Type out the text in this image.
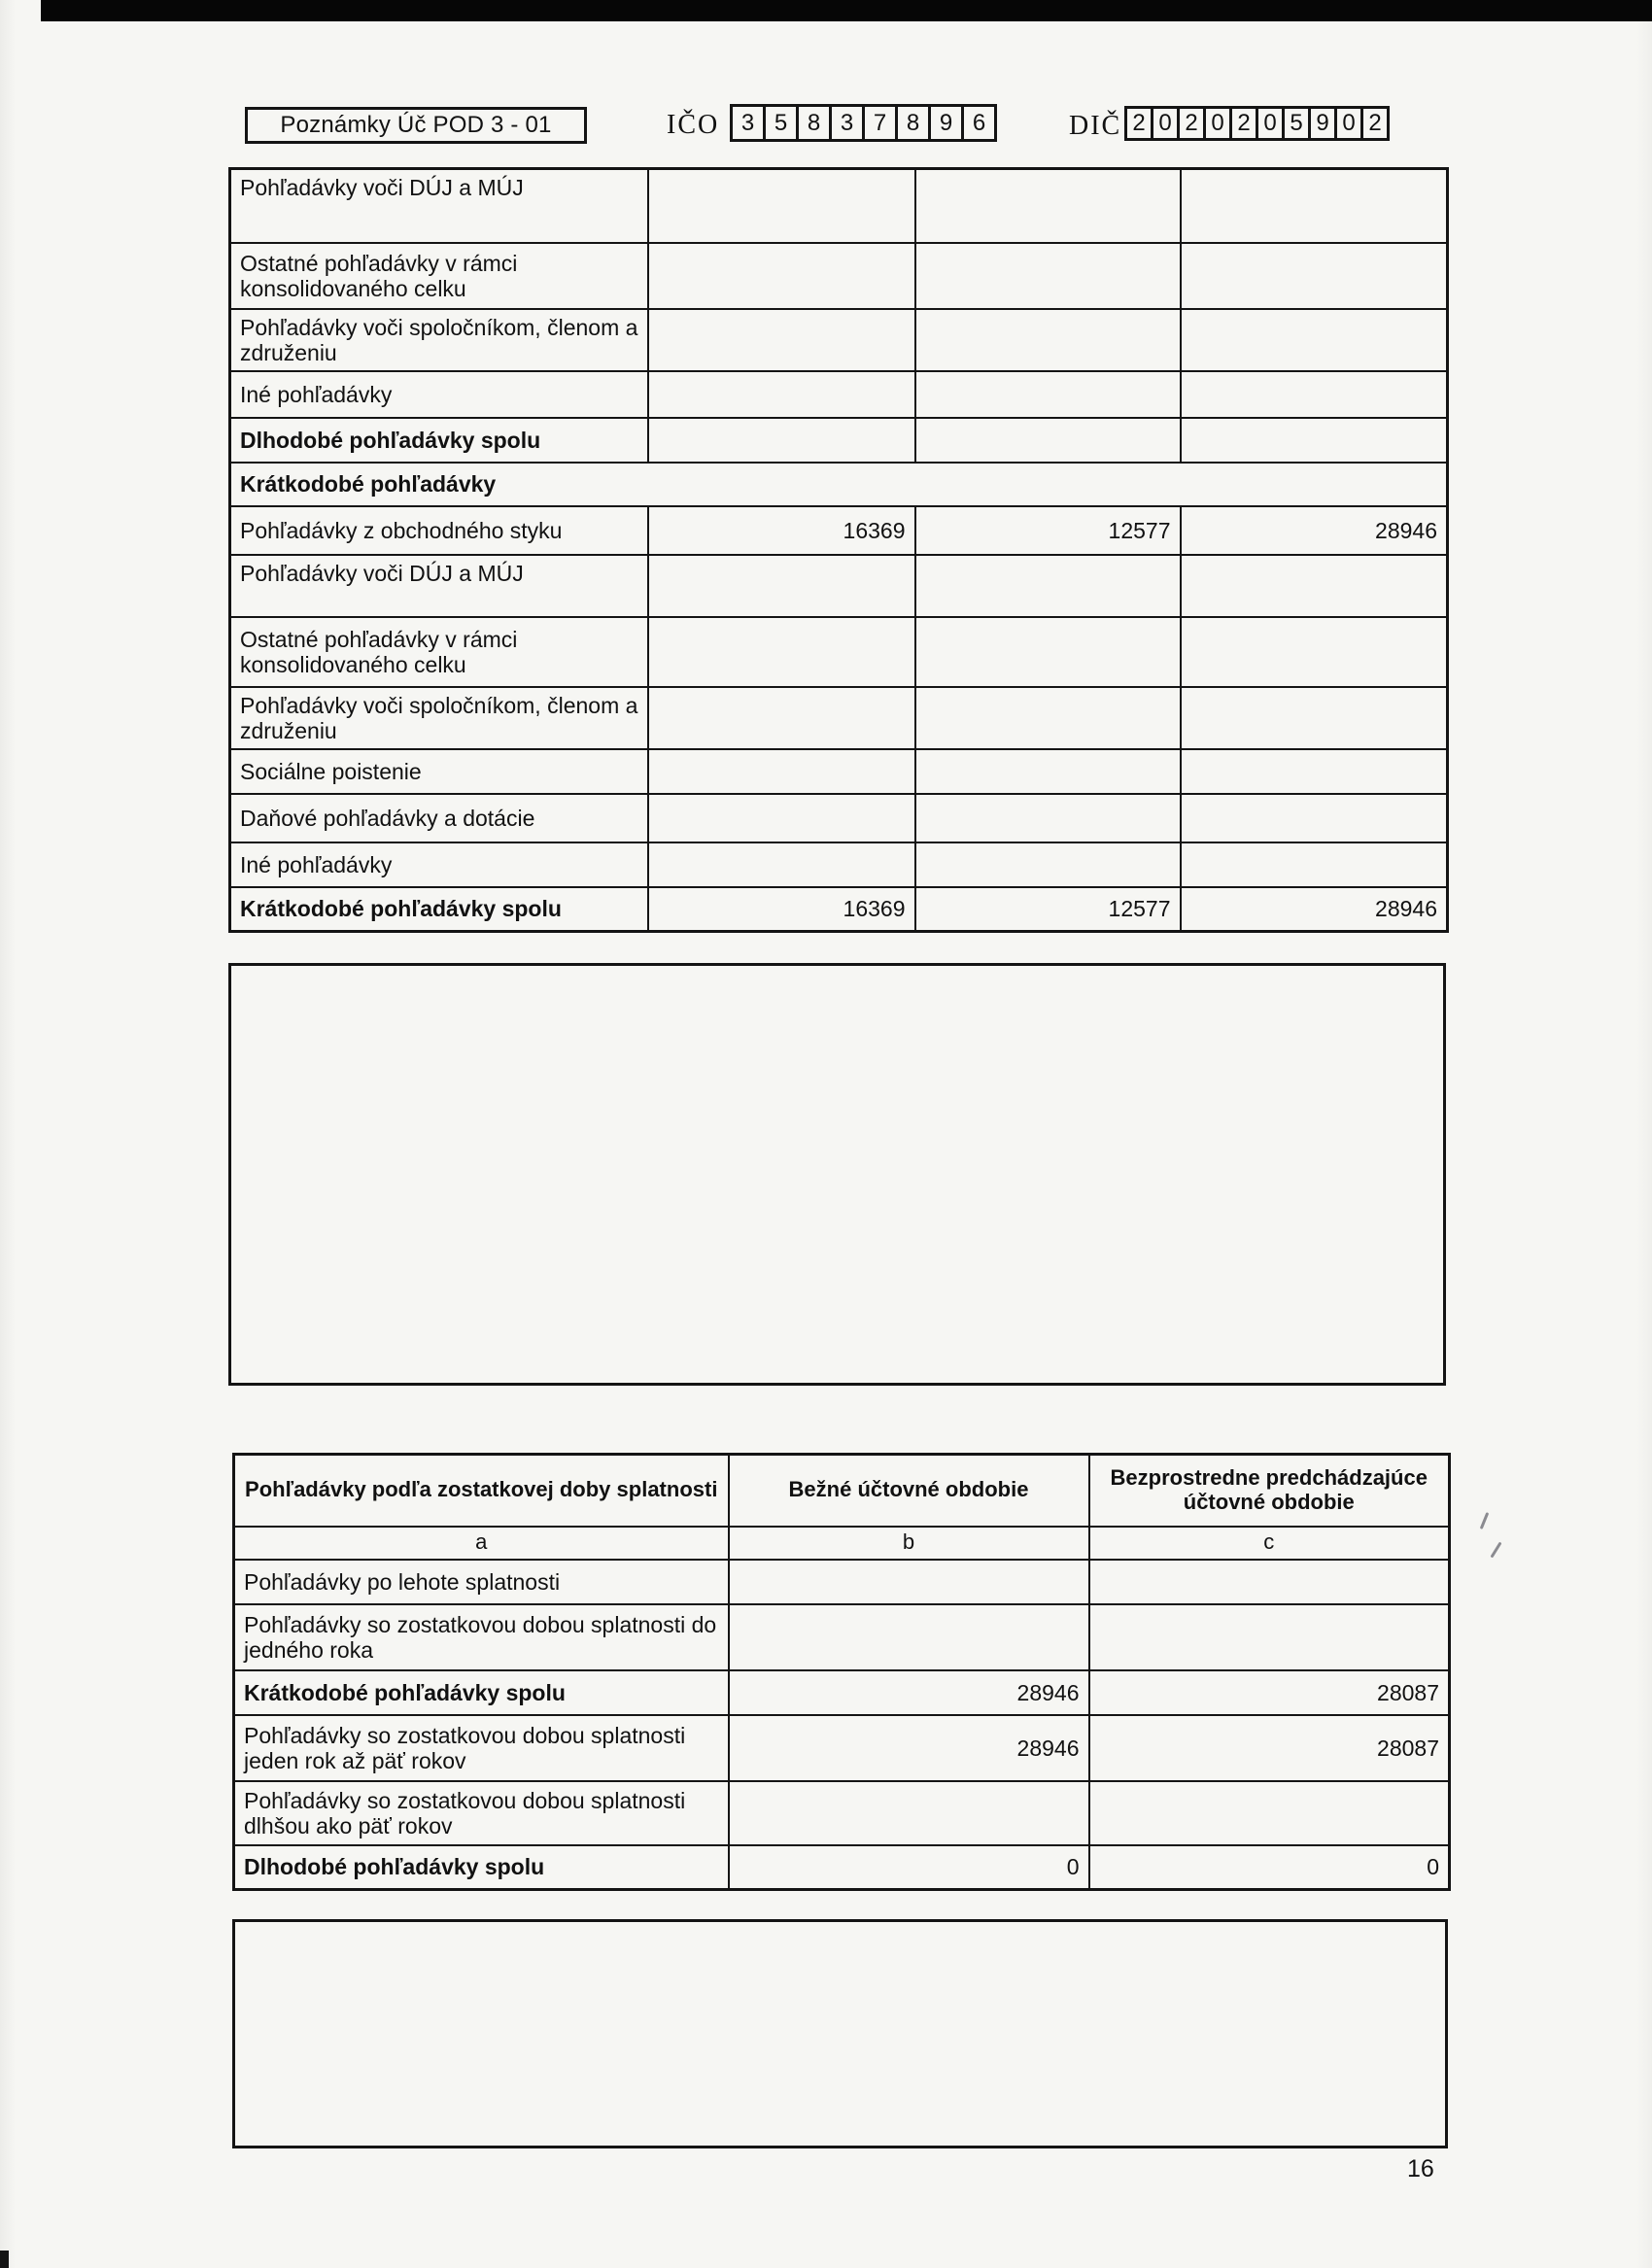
Poznámky Úč POD 3 - 01	IČO 3 5 8 3 7 8 9 6	DIČ 2 0 2 0 2 0 5 9 0 2
Pohľadávky voči DÚJ a MÚJ			
Ostatné pohľadávky v rámci konsolidovaného celku			
Pohľadávky voči spoločníkom, členom a združeniu			
Iné pohľadávky			
Dlhodobé pohľadávky spolu			
Krátkodobé pohľadávky			
Pohľadávky z obchodného styku	16369	12577	28946
Pohľadávky voči DÚJ a MÚJ			
Ostatné pohľadávky v rámci konsolidovaného celku			
Pohľadávky voči spoločníkom, členom a združeniu			
Sociálne poistenie			
Daňové pohľadávky a dotácie			
Iné pohľadávky			
Krátkodobé pohľadávky spolu	16369	12577	28946
Pohľadávky podľa zostatkovej doby splatnosti	Bežné účtovné obdobie	Bezprostredne predchádzajúce účtovné obdobie
a	b	c
Pohľadávky po lehote splatnosti		
Pohľadávky so zostatkovou dobou splatnosti do jedného roka		
Krátkodobé pohľadávky spolu	28946	28087
Pohľadávky so zostatkovou dobou splatnosti jeden rok až päť rokov	28946	28087
Pohľadávky so zostatkovou dobou splatnosti dlhšou ako päť rokov		
Dlhodobé pohľadávky spolu	0	0
16
